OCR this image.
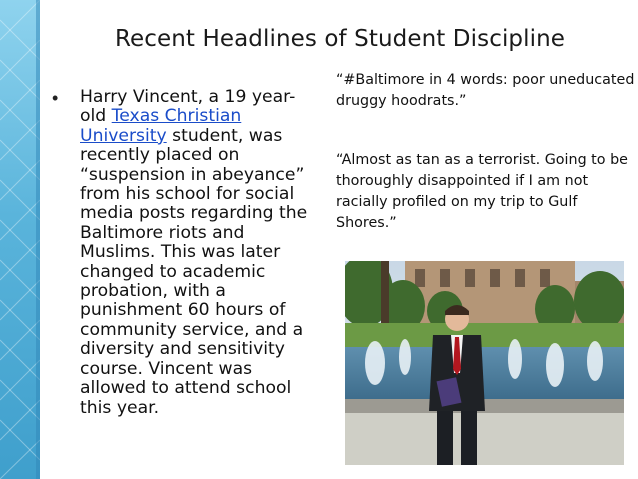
Recent Headlines of Student Discipline
• Harry Vincent, a 19 year-old Texas Christian University student, was recently placed on “suspension in abeyance” from his school for social media posts regarding the Baltimore riots and Muslims. This was later changed to academic probation, with a punishment 60 hours of community service, and a diversity and sensitivity course. Vincent was allowed to attend school this year.
“#Baltimore in 4 words: poor uneducated druggy hoodrats.”
“Almost as tan as a terrorist. Going to be thoroughly disappointed if I am not racially profiled on my trip to Gulf Shores.”
